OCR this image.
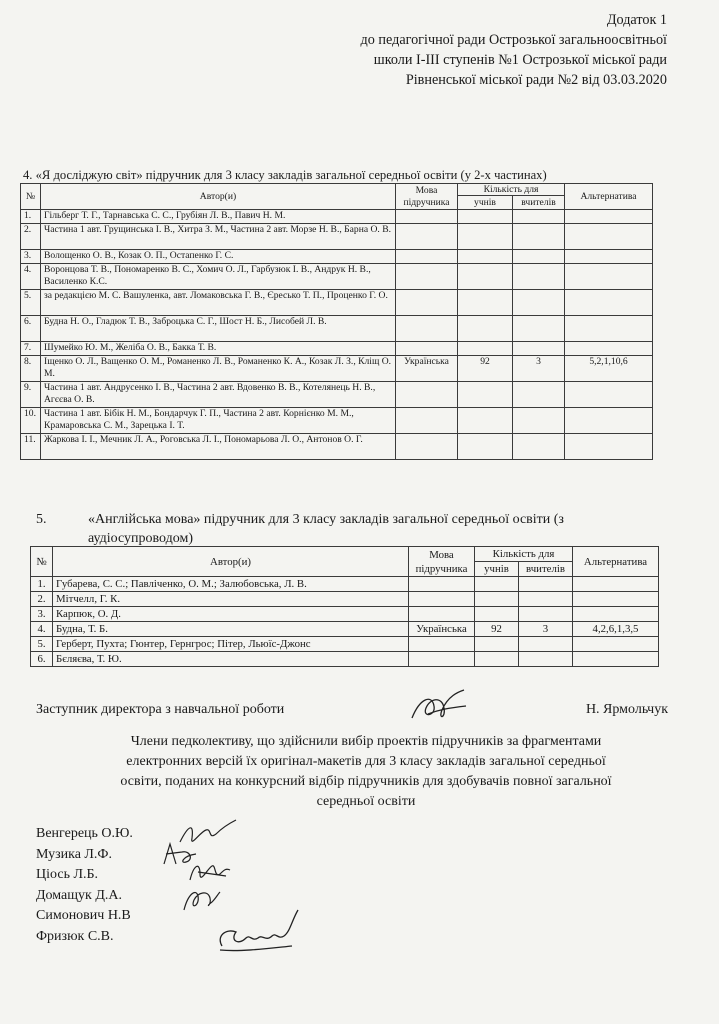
Додаток 1
до педагогічної ради Острозької загальноосвітньої
школи І-ІІІ ступенів №1 Острозької міської ради
Рівненської міської ради №2 від 03.03.2020
4. «Я досліджую світ» підручник для 3 класу закладів загальної середньої освіти (у 2-х частинах)
№	Автор(и)	Мова підручника	Кількість для		Альтернатива
			учнів	вчителів	
1.	Гільберг Т. Г., Тарнавська С. С., Грубіян Л. В., Павич Н. М.				
2.	Частина 1 авт. Грущинська І. В., Хитра З. М., Частина 2 авт. Морзе Н. В., Барна О. В.				
3.	Волощенко О. В., Козак О. П., Остапенко Г. С.				
4.	Воронцова Т. В., Пономаренко В. С., Хомич О. Л., Гарбузюк І. В., Андрук Н. В., Василенко К.С.				
5.	за редакцією М. С. Вашуленка, авт. Ломаковська Г. В., Єресько Т. П., Проценко Г. О.				
6.	Будна Н. О., Гладюк Т. В., Заброцька С. Г., Шост Н. Б., Лисобей Л. В.				
7.	Шумейко Ю. М., Желіба О. В., Бакка Т. В.				
8.	Іщенко О. Л., Ващенко О. М., Романенко Л. В., Романенко К. А., Козак Л. З., Кліщ О. М.	Українська	92	3	5,2,1,10,6
9.	Частина 1 авт. Андрусенко І. В., Частина 2 авт. Вдовенко В. В., Котелянець Н. В., Агєєва О. В.				
10.	Частина 1 авт. Бібік Н. М., Бондарчук Г. П., Частина 2 авт. Корнієнко М. М., Крамаровська С. М., Зарецька І. Т.				
11.	Жаркова І. І., Мечник Л. А., Роговська Л. І., Пономарьова Л. О., Антонов О. Г.				
5.	«Англійська мова» підручник для 3 класу закладів загальної середньої освіти (з
аудіосупроводом)
№	Автор(и)	Мова підручника	Кількість для		Альтернатива
			учнів	вчителів	
1.	Губарева, С. С.; Павліченко, О. М.; Залюбовська, Л. В.				
2.	Мітчелл, Г. К.				
3.	Карпюк, О. Д.				
4.	Будна, Т. Б.	Українська	92	3	4,2,6,1,3,5
5.	Герберт, Пухта; Гюнтер, Гернгрос; Пітер, Льюїс-Джонс				
6.	Бєляєва, Т. Ю.				
Заступник директора з навчальної роботи	Н. Ярмольчук
Члени педколективу, що здійснили вибір проектів підручників за фрагментами електронних версій їх оригінал-макетів для 3 класу закладів загальної середньої освіти, поданих на конкурсний відбір підручників для здобувачів повної загальної середньої освіти
Венгерець О.Ю.
Музика Л.Ф.
Ціось Л.Б.
Домащук Д.А.
Симонович Н.В
Фризюк С.В.
